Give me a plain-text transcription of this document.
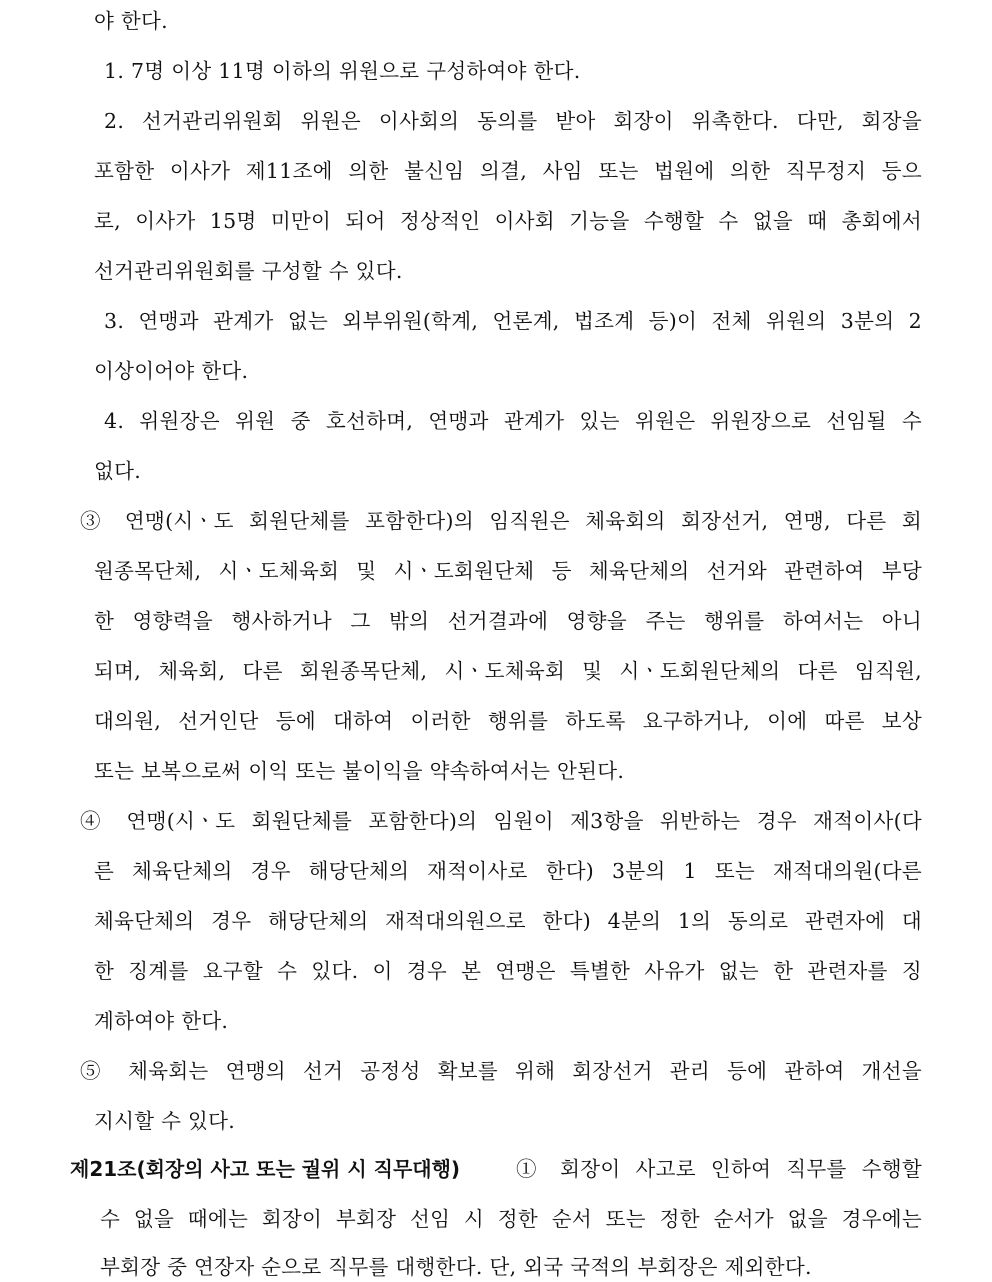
야 한다.
1. 7명 이상 11명 이하의 위원으로 구성하여야 한다.
2. 선거관리위원회 위원은 이사회의 동의를 받아 회장이 위촉한다. 다만, 회장을
포함한 이사가 제11조에 의한 불신임 의결, 사임 또는 법원에 의한 직무정지 등으
로, 이사가 15명 미만이 되어 정상적인 이사회 기능을 수행할 수 없을 때 총회에서
선거관리위원회를 구성할 수 있다.
3. 연맹과 관계가 없는 외부위원(학계, 언론계, 법조계 등)이 전체 위원의 3분의 2
이상이어야 한다.
4. 위원장은 위원 중 호선하며, 연맹과 관계가 있는 위원은 위원장으로 선임될 수
없다.
③ 연맹(시ㆍ도 회원단체를 포함한다)의 임직원은 체육회의 회장선거, 연맹, 다른 회
원종목단체, 시ㆍ도체육회 및 시ㆍ도회원단체 등 체육단체의 선거와 관련하여 부당
한 영향력을 행사하거나 그 밖의 선거결과에 영향을 주는 행위를 하여서는 아니
되며, 체육회, 다른 회원종목단체, 시ㆍ도체육회 및 시ㆍ도회원단체의 다른 임직원,
대의원, 선거인단 등에 대하여 이러한 행위를 하도록 요구하거나, 이에 따른 보상
또는 보복으로써 이익 또는 불이익을 약속하여서는 안된다.
④ 연맹(시ㆍ도 회원단체를 포함한다)의 임원이 제3항을 위반하는 경우 재적이사(다
른 체육단체의 경우 해당단체의 재적이사로 한다) 3분의 1 또는 재적대의원(다른
체육단체의 경우 해당단체의 재적대의원으로 한다) 4분의 1의 동의로 관련자에 대
한 징계를 요구할 수 있다. 이 경우 본 연맹은 특별한 사유가 없는 한 관련자를 징
계하여야 한다.
⑤ 체육회는 연맹의 선거 공정성 확보를 위해 회장선거 관리 등에 관하여 개선을
지시할 수 있다.
제21조(회장의 사고 또는 궐위 시 직무대행)	① 회장이 사고로 인하여 직무를 수행할
수 없을 때에는 회장이 부회장 선임 시 정한 순서 또는 정한 순서가 없을 경우에는
부회장 중 연장자 순으로 직무를 대행한다. 단, 외국 국적의 부회장은 제외한다.
